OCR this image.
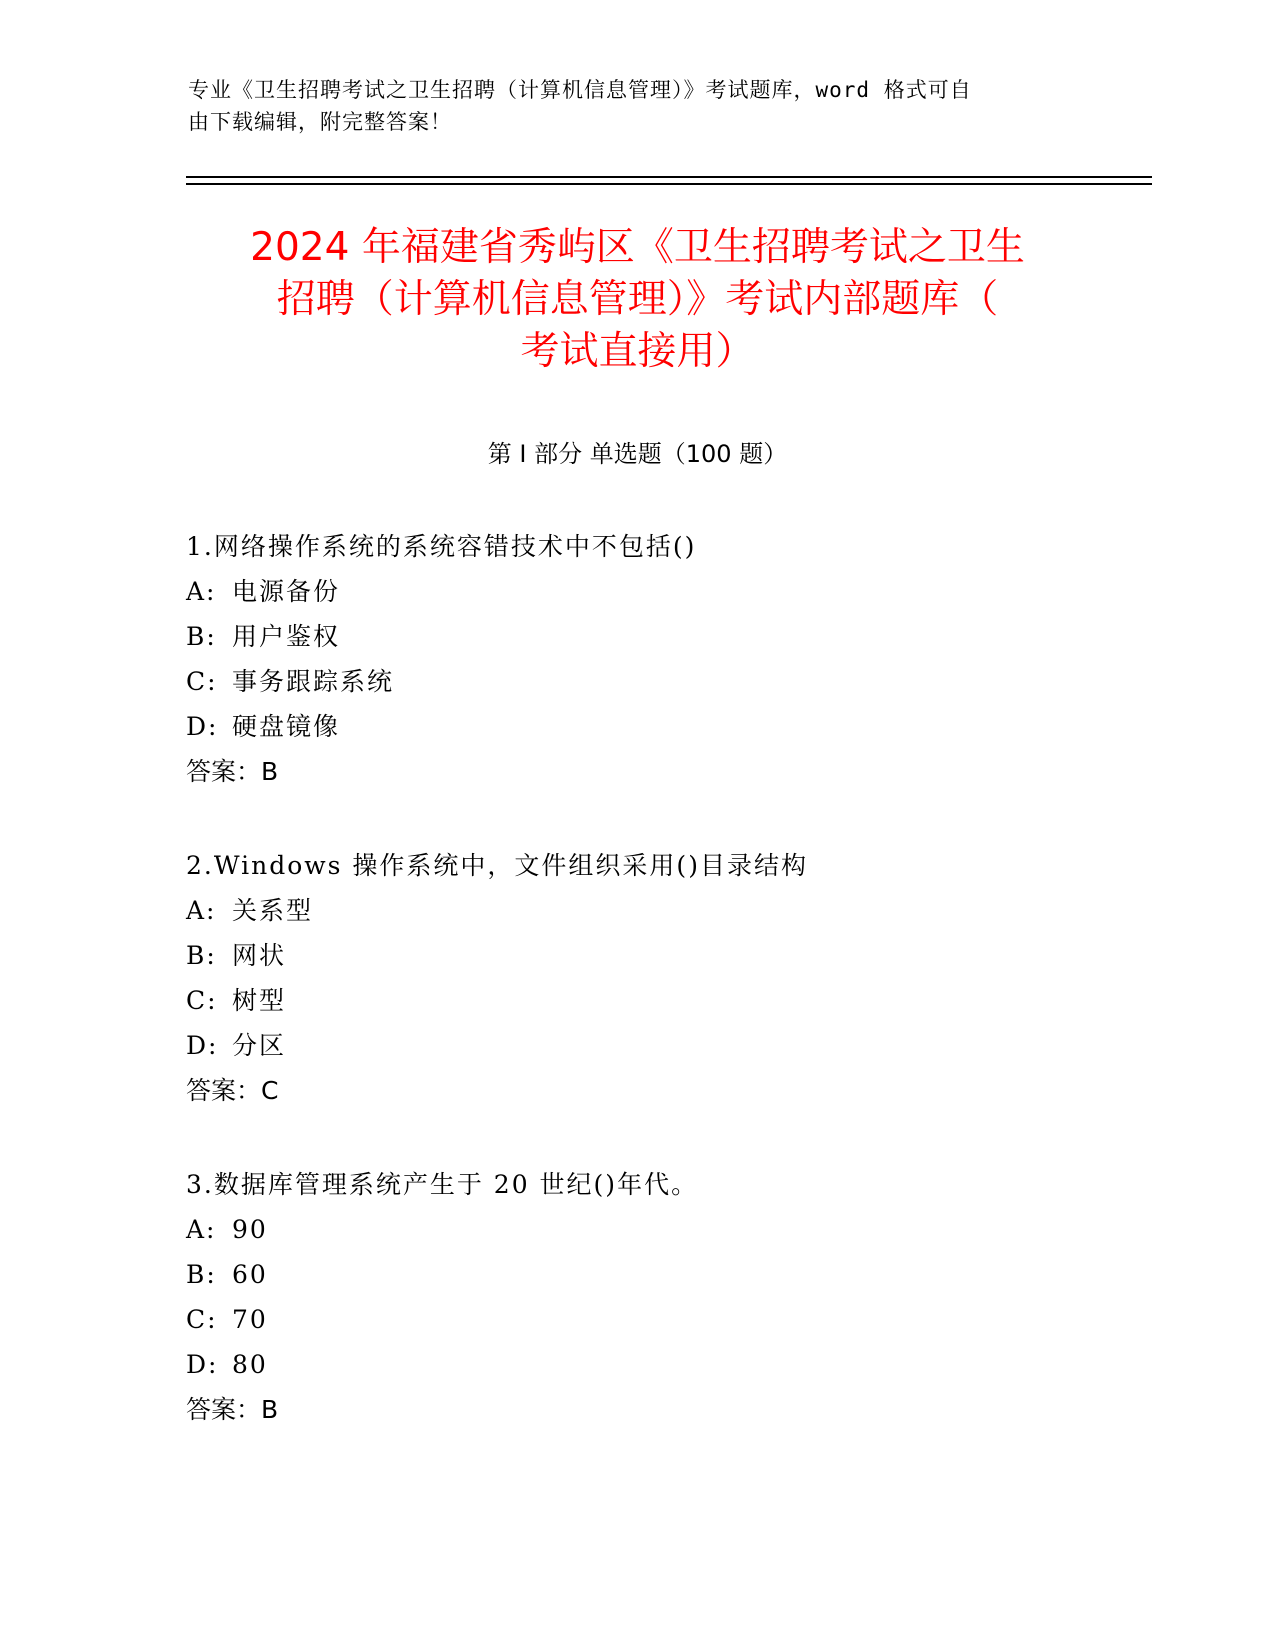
专业《卫生招聘考试之卫生招聘（计算机信息管理）》考试题库，word 格式可自
由下载编辑，附完整答案！
2024 年福建省秀屿区《卫生招聘考试之卫生
招聘（计算机信息管理）》考试内部题库（
考试直接用）
第 I 部分 单选题（100 题）
1.网络操作系统的系统容错技术中不包括()
A: 电源备份
B: 用户鉴权
C: 事务跟踪系统
D: 硬盘镜像
答案：B
2.Windows 操作系统中，文件组织采用()目录结构
A: 关系型
B: 网状
C: 树型
D: 分区
答案：C
3.数据库管理系统产生于 20 世纪()年代。
A: 90
B: 60
C: 70
D: 80
答案：B
